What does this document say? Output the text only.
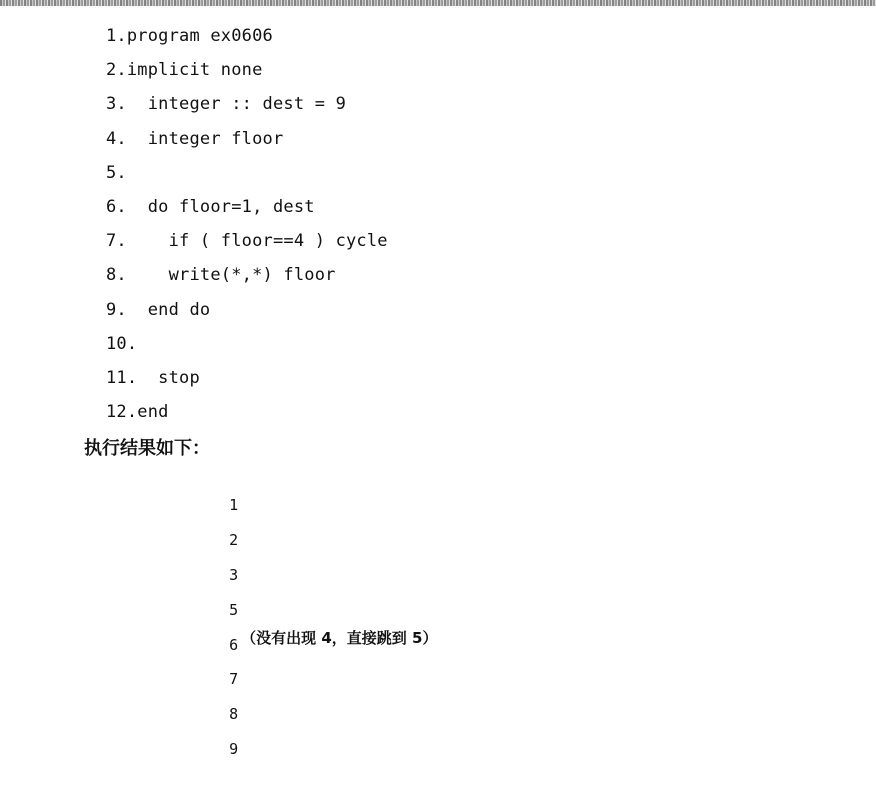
1.program ex0606
2.implicit none
3.  integer :: dest = 9
4.  integer floor
5.
6.  do floor=1, dest
7.    if ( floor==4 ) cycle
8.    write(*,*) floor
9.  end do
10.
11.  stop
12.end
执行结果如下：

1

2

3

5
（没有出现 4，直接跳到 5）

6

7

8

9
